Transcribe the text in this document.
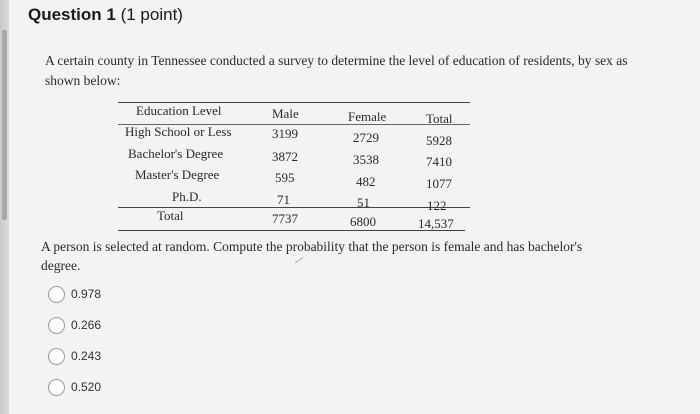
Question 1 (1 point)
A certain county in Tennessee conducted a survey to determine the level of education of residents, by sex as shown below:
Education Level	Male	Female	Total
High School or Less	3199	2729	5928
Bachelor's Degree	3872	3538	7410
Master's Degree	595	482	1077
Ph.D.	71	51	122
Total	7737	6800	14,537
A person is selected at random. Compute the probability that the person is female and has bachelor's degree.	⁄
0.978
0.266
0.243
0.520
